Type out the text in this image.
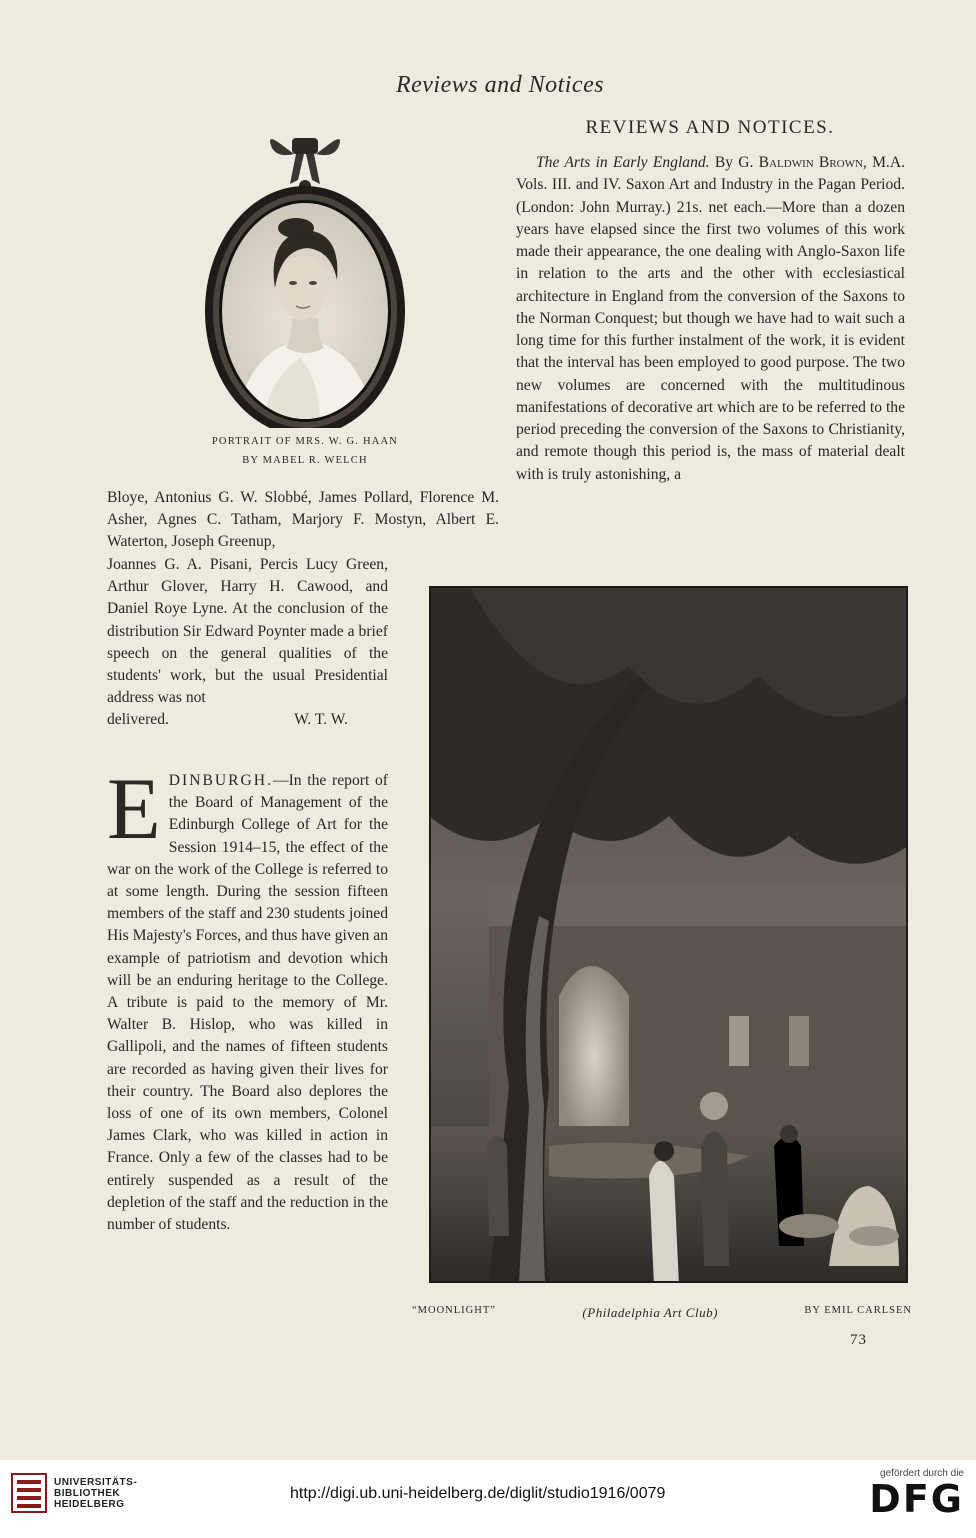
Reviews and Notices
REVIEWS AND NOTICES.

The Arts in Early England. By G. Baldwin Brown, M.A. Vols. III. and IV. Saxon Art and Industry in the Pagan Period. (London: John Murray.) 21s. net each.—More than a dozen years have elapsed since the first two volumes of this work made their appearance, the one dealing with Anglo-Saxon life in relation to the arts and the other with ecclesiastical architecture in England from the conversion of the Saxons to the Norman Conquest; but though we have had to wait such a long time for this further instalment of the work, it is evident that the interval has been employed to good purpose. The two new volumes are concerned with the multitudinous manifestations of decorative art which are to be referred to the period preceding the conversion of the Saxons to Christianity, and remote though this period is, the mass of material dealt with is truly astonishing, a

PORTRAIT OF MRS. W. G. HAAN
BY MABEL R. WELCH
Bloye, Antonius G. W. Slobbé, James Pollard, Florence M. Asher, Agnes C. Tatham, Marjory F. Mostyn, Albert E. Waterton, Joseph Greenup,
Joannes G. A. Pisani, Percis Lucy Green, Arthur Glover, Harry H. Cawood, and Daniel Roye Lyne. At the conclusion of the distribution Sir Edward Poynter made a brief speech on the general qualities of the students' work, but the usual Presidential address was not
delivered.	W. T. W.
EDINBURGH.—In the report of the Board of Management of the Edinburgh College of Art for the Session 1914–15, the effect of the war on the work of the College is referred to at some length. During the session fifteen members of the staff and 230 students joined His Majesty's Forces, and thus have given an example of patriotism and devotion which will be an enduring heritage to the College. A tribute is paid to the memory of Mr. Walter B. Hislop, who was killed in Gallipoli, and the names of fifteen students are recorded as having given their lives for their country. The Board also deplores the loss of one of its own members, Colonel James Clark, who was killed in action in France. Only a few of the classes had to be entirely suspended as a result of the depletion of the staff and the reduction in the number of students.
“MOONLIGHT”	(Philadelphia Art Club)	BY EMIL CARLSEN
73
UNIVERSITÄTS-
BIBLIOTHEK
HEIDELBERG
http://digi.ub.uni-heidelberg.de/diglit/studio1916/0079
gefördert durch die
DFG
